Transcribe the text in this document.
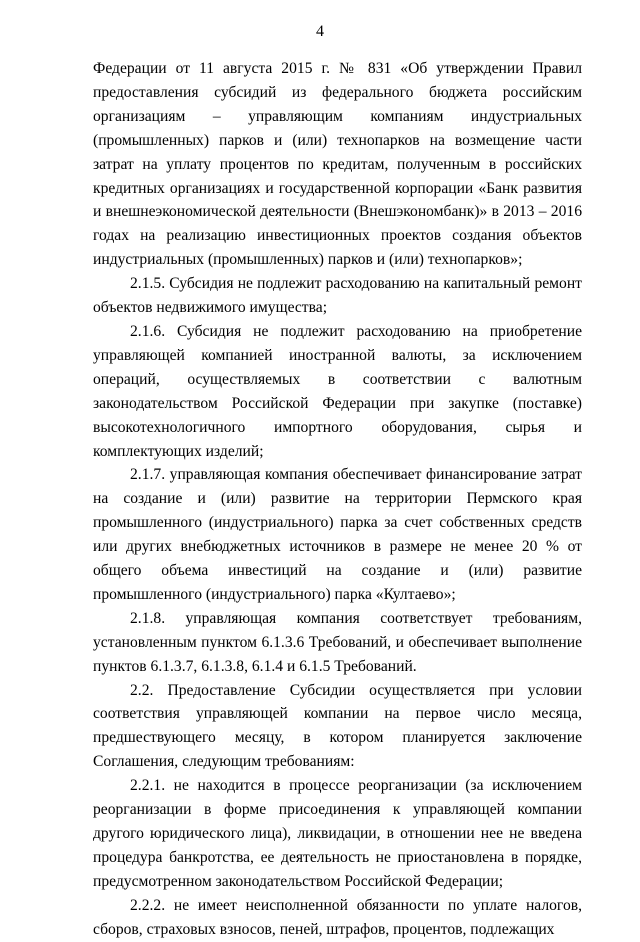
4

Федерации от 11 августа 2015 г. № 831 «Об утверждении Правил предоставления субсидий из федерального бюджета российским организациям – управляющим компаниям индустриальных (промышленных) парков и (или) технопарков на возмещение части затрат на уплату процентов по кредитам, полученным в российских кредитных организациях и государственной корпорации «Банк развития и внешнеэкономической деятельности (Внешэкономбанк)» в 2013 – 2016 годах на реализацию инвестиционных проектов создания объектов индустриальных (промышленных) парков и (или) технопарков»;

2.1.5. Субсидия не подлежит расходованию на капитальный ремонт объектов недвижимого имущества;

2.1.6. Субсидия не подлежит расходованию на приобретение управляющей компанией иностранной валюты, за исключением операций, осуществляемых в соответствии с валютным законодательством Российской Федерации при закупке (поставке) высокотехнологичного импортного оборудования, сырья и комплектующих изделий;

2.1.7. управляющая компания обеспечивает финансирование затрат на создание и (или) развитие на территории Пермского края промышленного (индустриального) парка за счет собственных средств или других внебюджетных источников в размере не менее 20 % от общего объема инвестиций на создание и (или) развитие промышленного (индустриального) парка «Култаево»;

2.1.8. управляющая компания соответствует требованиям, установленным пунктом 6.1.3.6 Требований, и обеспечивает выполнение пунктов 6.1.3.7, 6.1.3.8, 6.1.4 и 6.1.5 Требований.

2.2. Предоставление Субсидии осуществляется при условии соответствия управляющей компании на первое число месяца, предшествующего месяцу, в котором планируется заключение Соглашения, следующим требованиям:

2.2.1. не находится в процессе реорганизации (за исключением реорганизации в форме присоединения к управляющей компании другого юридического лица), ликвидации, в отношении нее не введена процедура банкротства, ее деятельность не приостановлена в порядке, предусмотренном законодательством Российской Федерации;

2.2.2. не имеет неисполненной обязанности по уплате налогов, сборов, страховых взносов, пеней, штрафов, процентов, подлежащих
